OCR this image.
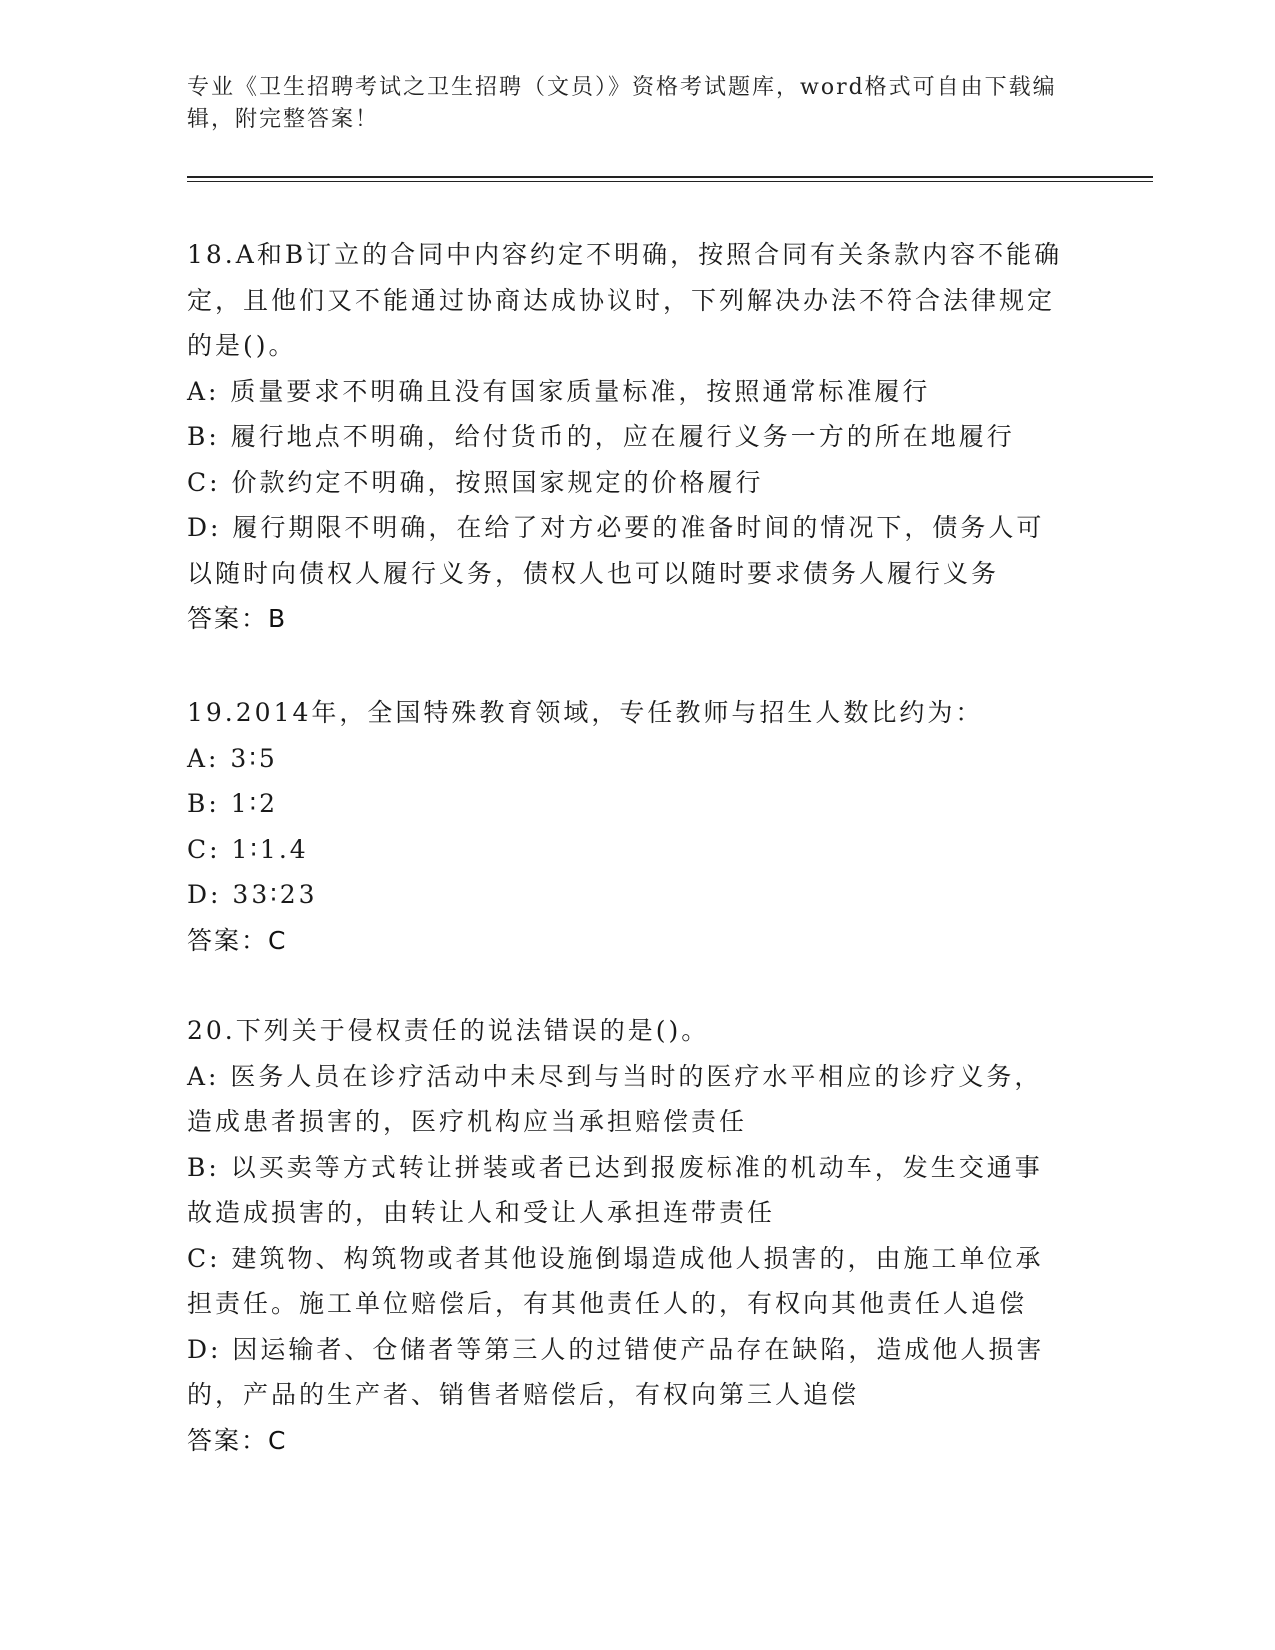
专业《卫生招聘考试之卫生招聘（文员）》资格考试题库，word格式可自由下载编辑，附完整答案！
18.A和B订立的合同中内容约定不明确，按照合同有关条款内容不能确定，且他们又不能通过协商达成协议时，下列解决办法不符合法律规定的是()。
A: 质量要求不明确且没有国家质量标准，按照通常标准履行
B: 履行地点不明确，给付货币的，应在履行义务一方的所在地履行
C: 价款约定不明确，按照国家规定的价格履行
D: 履行期限不明确，在给了对方必要的准备时间的情况下，债务人可以随时向债权人履行义务，债权人也可以随时要求债务人履行义务
答案：B
19.2014年，全国特殊教育领域，专任教师与招生人数比约为：
A: 3∶5
B: 1∶2
C: 1∶1.4
D: 33∶23
答案：C
20.下列关于侵权责任的说法错误的是()。
A: 医务人员在诊疗活动中未尽到与当时的医疗水平相应的诊疗义务，造成患者损害的，医疗机构应当承担赔偿责任
B: 以买卖等方式转让拼装或者已达到报废标准的机动车，发生交通事故造成损害的，由转让人和受让人承担连带责任
C: 建筑物、构筑物或者其他设施倒塌造成他人损害的，由施工单位承担责任。施工单位赔偿后，有其他责任人的，有权向其他责任人追偿
D: 因运输者、仓储者等第三人的过错使产品存在缺陷，造成他人损害的，产品的生产者、销售者赔偿后，有权向第三人追偿
答案：C
